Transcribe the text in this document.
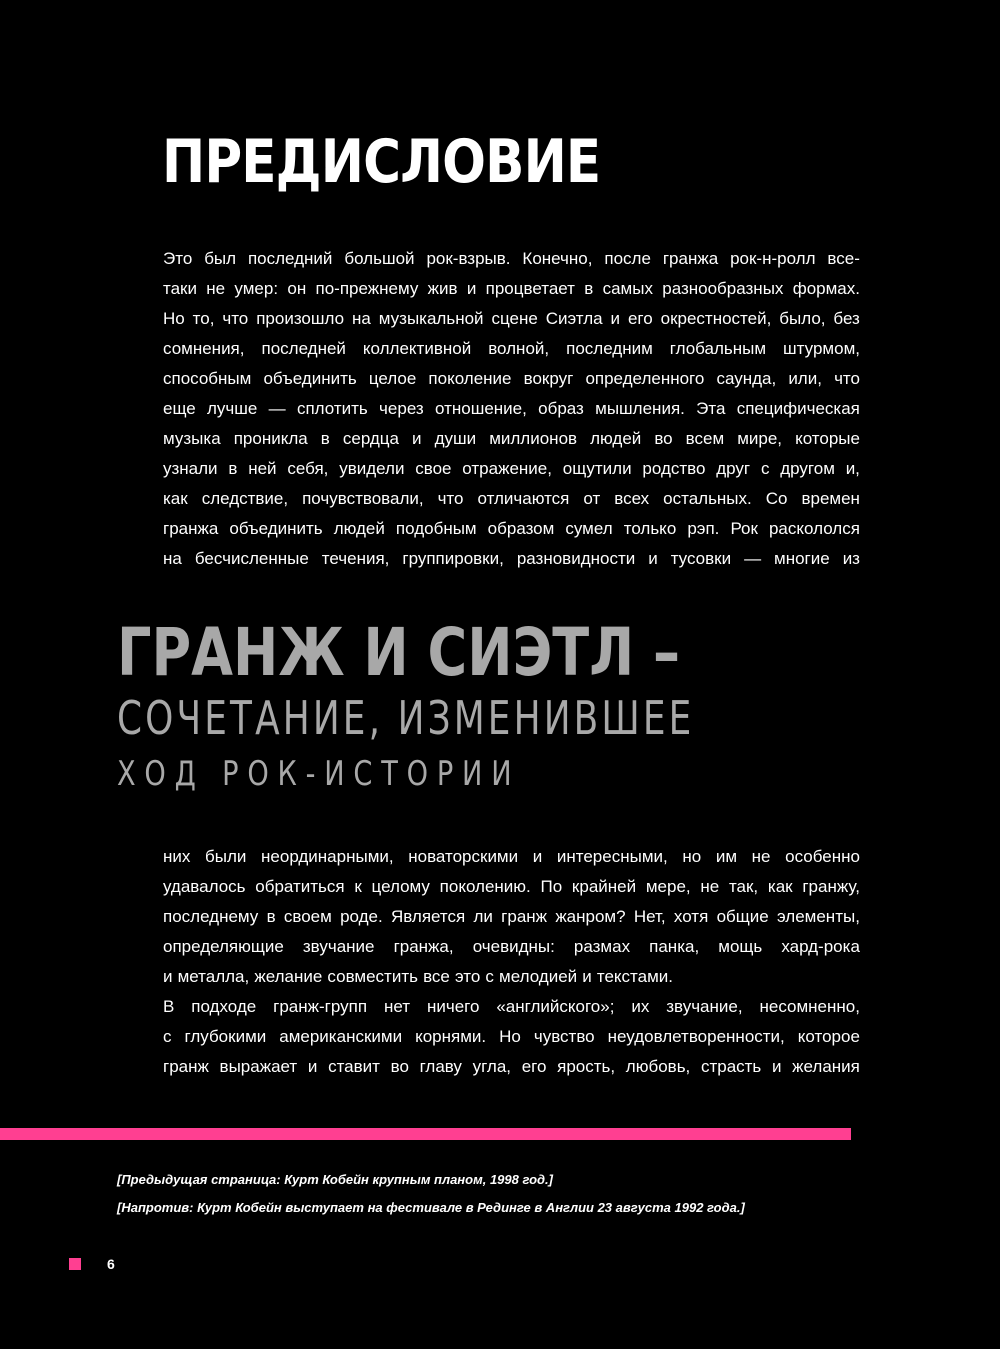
ПРЕДИСЛОВИЕ

Это был последний большой рок-взрыв. Конечно, после гранжа рок-н-ролл все-
таки не умер: он по-прежнему жив и процветает в самых разнообразных формах.
Но то, что произошло на музыкальной сцене Сиэтла и его окрестностей, было, без
сомнения, последней коллективной волной, последним глобальным штурмом,
способным объединить целое поколение вокруг определенного саунда, или, что
еще лучше — сплотить через отношение, образ мышления. Эта специфическая
музыка проникла в сердца и души миллионов людей во всем мире, которые
узнали в ней себя, увидели свое отражение, ощутили родство друг с другом и,
как следствие, почувствовали, что отличаются от всех остальных. Со времен
гранжа объединить людей подобным образом сумел только рэп. Рок раскололся
на бесчисленные течения, группировки, разновидности и тусовки — многие из

ГРАНЖ И СИЭТЛ –
СОЧЕТАНИЕ, ИЗМЕНИВШЕЕ
ХОД РОК-ИСТОРИИ

них были неординарными, новаторскими и интересными, но им не особенно
удавалось обратиться к целому поколению. По крайней мере, не так, как гранжу,
последнему в своем роде. Является ли гранж жанром? Нет, хотя общие элементы,
определяющие звучание гранжа, очевидны: размах панка, мощь хард-рока
и металла, желание совместить все это с мелодией и текстами.

В подходе гранж-групп нет ничего «английского»; их звучание, несомненно,
с глубокими американскими корнями. Но чувство неудовлетворенности, которое
гранж выражает и ставит во главу угла, его ярость, любовь, страсть и желания

[Предыдущая страница: Курт Кобейн крупным планом, 1998 год.]
[Напротив: Курт Кобейн выступает на фестивале в Рединге в Англии 23 августа 1992 года.]
6
